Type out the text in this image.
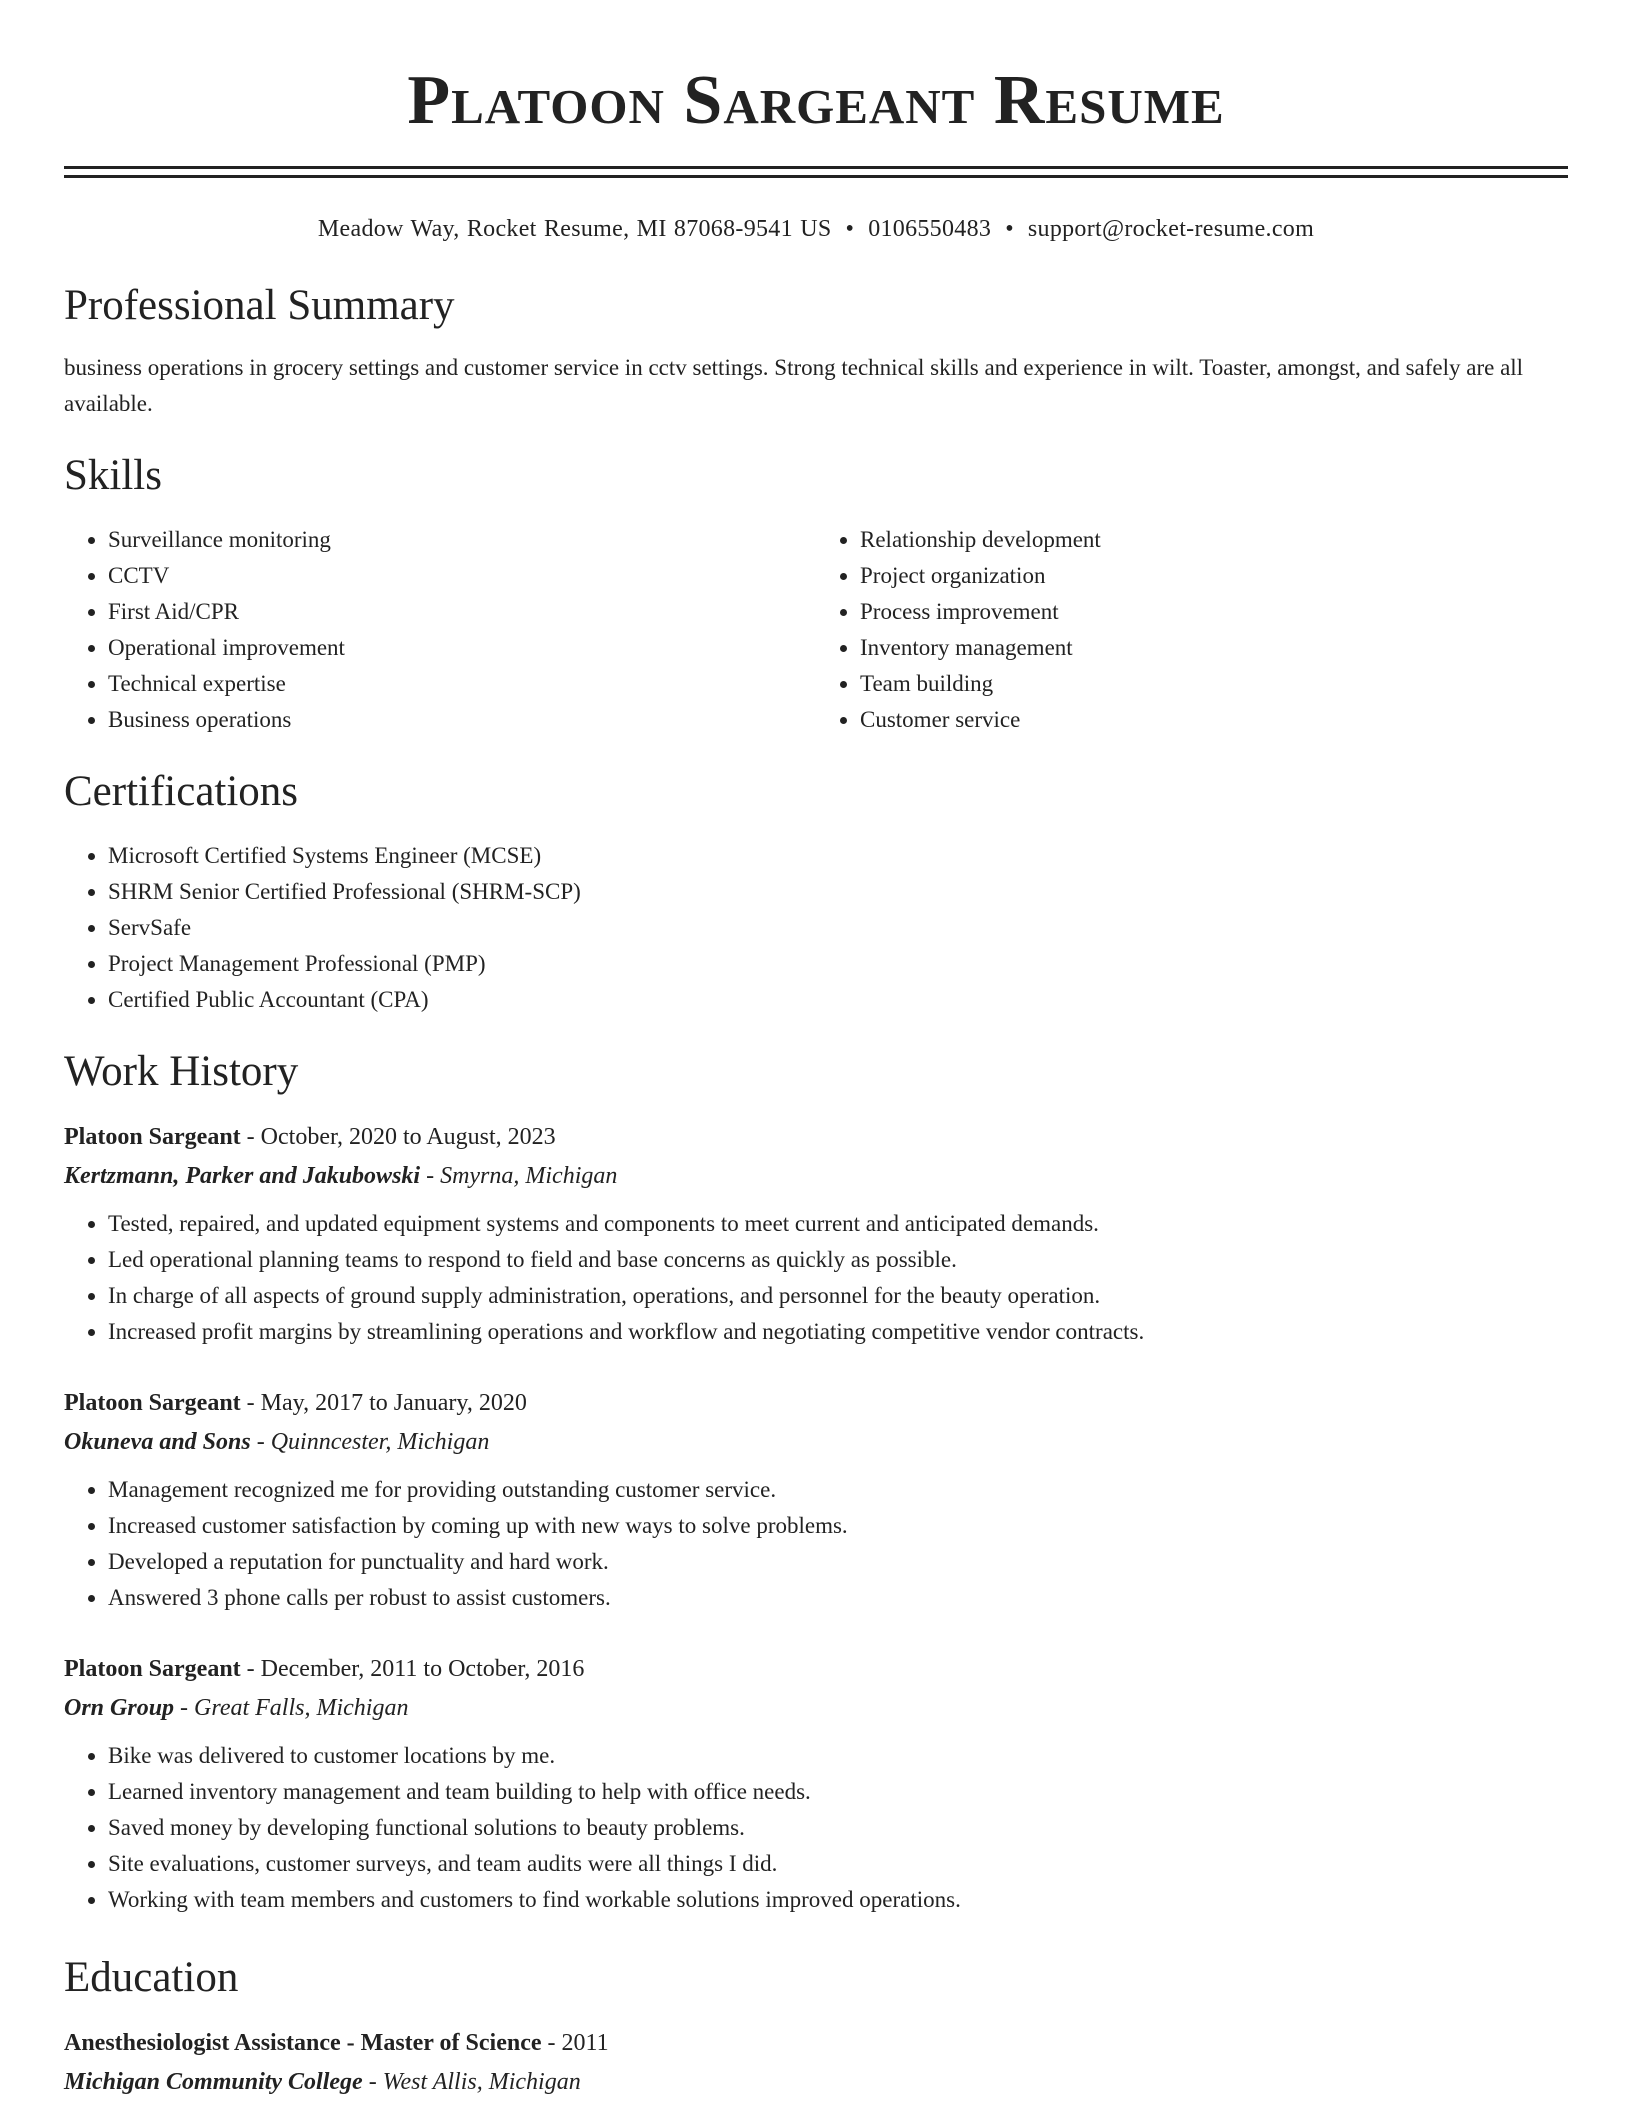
Platoon Sargeant Resume
Meadow Way, Rocket Resume, MI 87068-9541 US • 0106550483 • support@rocket-resume.com
Professional Summary

business operations in grocery settings and customer service in cctv settings. Strong technical skills and experience in wilt. Toaster, amongst, and safely are all available.

Skills
• Surveillance monitoring
• CCTV
• First Aid/CPR
• Operational improvement
• Technical expertise
• Business operations
• Relationship development
• Project organization
• Process improvement
• Inventory management
• Team building
• Customer service
Certifications
• Microsoft Certified Systems Engineer (MCSE)
• SHRM Senior Certified Professional (SHRM-SCP)
• ServSafe
• Project Management Professional (PMP)
• Certified Public Accountant (CPA)
Work History
Platoon Sargeant - October, 2020 to August, 2023
Kertzmann, Parker and Jakubowski - Smyrna, Michigan
• Tested, repaired, and updated equipment systems and components to meet current and anticipated demands.
• Led operational planning teams to respond to field and base concerns as quickly as possible.
• In charge of all aspects of ground supply administration, operations, and personnel for the beauty operation.
• Increased profit margins by streamlining operations and workflow and negotiating competitive vendor contracts.
Platoon Sargeant - May, 2017 to January, 2020
Okuneva and Sons - Quinncester, Michigan
• Management recognized me for providing outstanding customer service.
• Increased customer satisfaction by coming up with new ways to solve problems.
• Developed a reputation for punctuality and hard work.
• Answered 3 phone calls per robust to assist customers.
Platoon Sargeant - December, 2011 to October, 2016
Orn Group - Great Falls, Michigan
• Bike was delivered to customer locations by me.
• Learned inventory management and team building to help with office needs.
• Saved money by developing functional solutions to beauty problems.
• Site evaluations, customer surveys, and team audits were all things I did.
• Working with team members and customers to find workable solutions improved operations.
Education
Anesthesiologist Assistance - Master of Science - 2011
Michigan Community College - West Allis, Michigan
